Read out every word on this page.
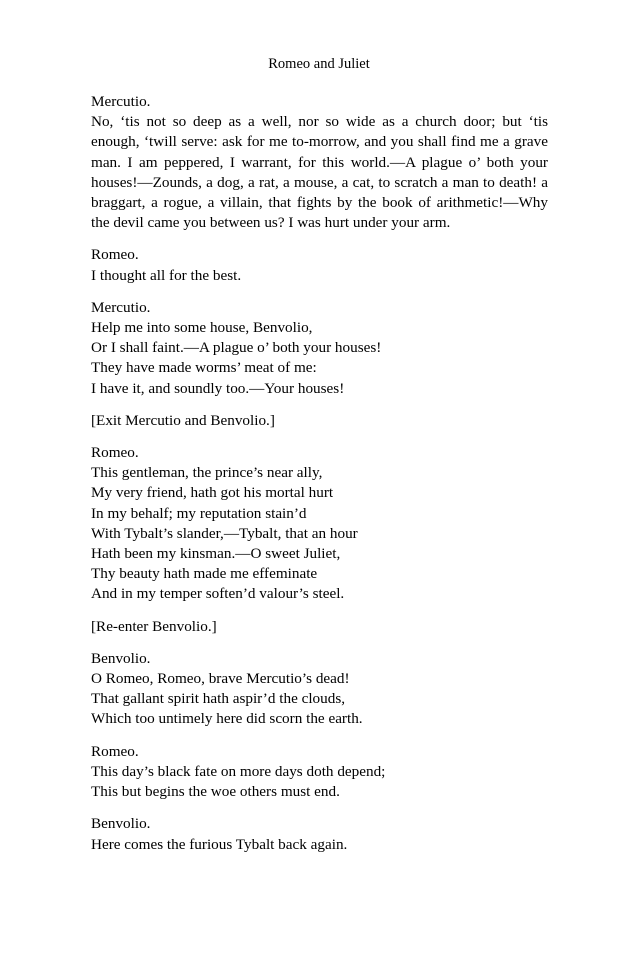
Romeo and Juliet
Mercutio.

No, ‘tis not so deep as a well, nor so wide as a church door; but ‘tis enough, ‘twill serve: ask for me to-morrow, and you shall find me a grave man. I am peppered, I warrant, for this world.—A plague o’ both your houses!—Zounds, a dog, a rat, a mouse, a cat, to scratch a man to death! a braggart, a rogue, a villain, that fights by the book of arithmetic!—Why the devil came you between us? I was hurt under your arm.

Romeo.
I thought all for the best.
Mercutio.
Help me into some house, Benvolio,
Or I shall faint.—A plague o’ both your houses!
They have made worms’ meat of me:
I have it, and soundly too.—Your houses!
[Exit Mercutio and Benvolio.]
Romeo.
This gentleman, the prince’s near ally,
My very friend, hath got his mortal hurt
In my behalf; my reputation stain’d
With Tybalt’s slander,—Tybalt, that an hour
Hath been my kinsman.—O sweet Juliet,
Thy beauty hath made me effeminate
And in my temper soften’d valour’s steel.
[Re-enter Benvolio.]
Benvolio.
O Romeo, Romeo, brave Mercutio’s dead!
That gallant spirit hath aspir’d the clouds,
Which too untimely here did scorn the earth.
Romeo.
This day’s black fate on more days doth depend;
This but begins the woe others must end.
Benvolio.
Here comes the furious Tybalt back again.
